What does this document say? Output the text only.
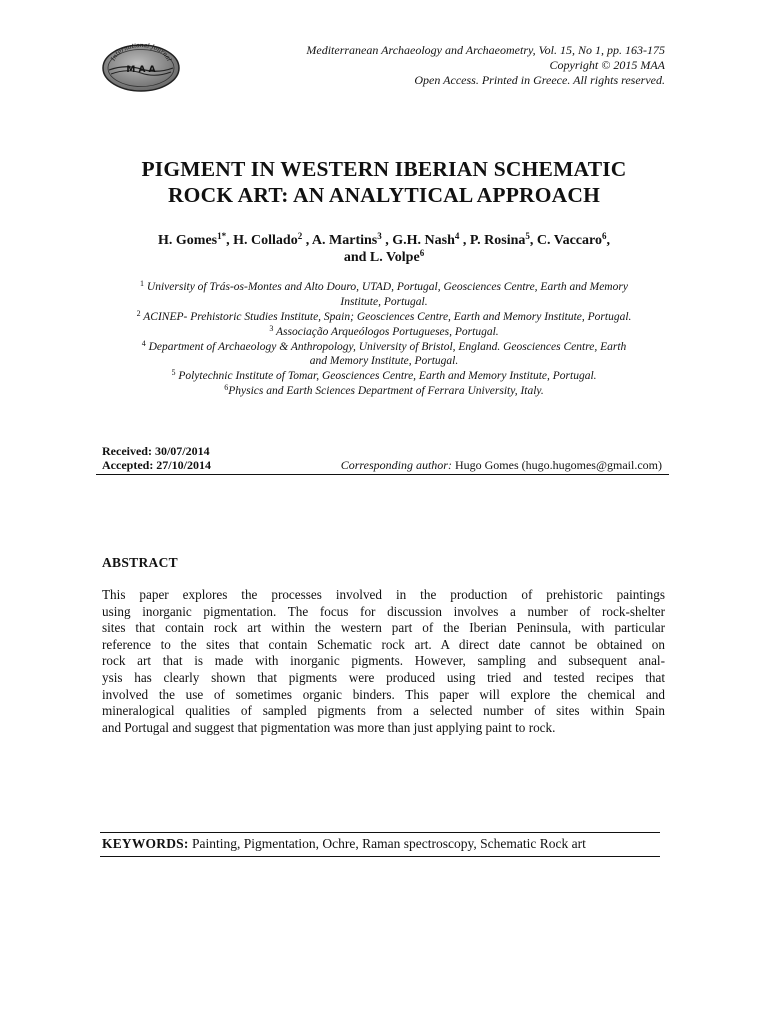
International Journal
M A A
Mediterranean Archaeology and Archaeometry, Vol. 15, No 1, pp. 163-175
Copyright © 2015 MAA
Open Access. Printed in Greece. All rights reserved.
PIGMENT IN WESTERN IBERIAN SCHEMATIC
ROCK ART: AN ANALYTICAL APPROACH
H. Gomes$^{1*}$, H. Collado$^2$ , A. Martins$^3$ , G.H. Nash$^4$ , P. Rosina$^5$, C. Vaccaro$^6$,
and L. Volpe$^6$
$^1$ University of Trás-os-Montes and Alto Douro, UTAD, Portugal, Geosciences Centre, Earth and Memory
Institute, Portugal.
$^2$ ACINEP- Prehistoric Studies Institute, Spain; Geosciences Centre, Earth and Memory Institute, Portugal.
$^3$ Associação Arqueólogos Portugueses, Portugal.
$^4$ Department of Archaeology & Anthropology, University of Bristol, England. Geosciences Centre, Earth
and Memory Institute, Portugal.
$^5$ Polytechnic Institute of Tomar, Geosciences Centre, Earth and Memory Institute, Portugal.
$^6$Physics and Earth Sciences Department of Ferrara University, Italy.
Received: 30/07/2014
Accepted: 27/10/2014	Corresponding author: Hugo Gomes (hugo.hugomes@gmail.com)
ABSTRACT
This paper explores the processes involved in the production of prehistoric paintings
using inorganic pigmentation. The focus for discussion involves a number of rock-shelter
sites that contain rock art within the western part of the Iberian Peninsula, with particular
reference to the sites that contain Schematic rock art. A direct date cannot be obtained on
rock art that is made with inorganic pigments. However, sampling and subsequent anal-
ysis has clearly shown that pigments were produced using tried and tested recipes that
involved the use of sometimes organic binders. This paper will explore the chemical and
mineralogical qualities of sampled pigments from a selected number of sites within Spain
and Portugal and suggest that pigmentation was more than just applying paint to rock.
KEYWORDS: Painting, Pigmentation, Ochre, Raman spectroscopy, Schematic Rock art
